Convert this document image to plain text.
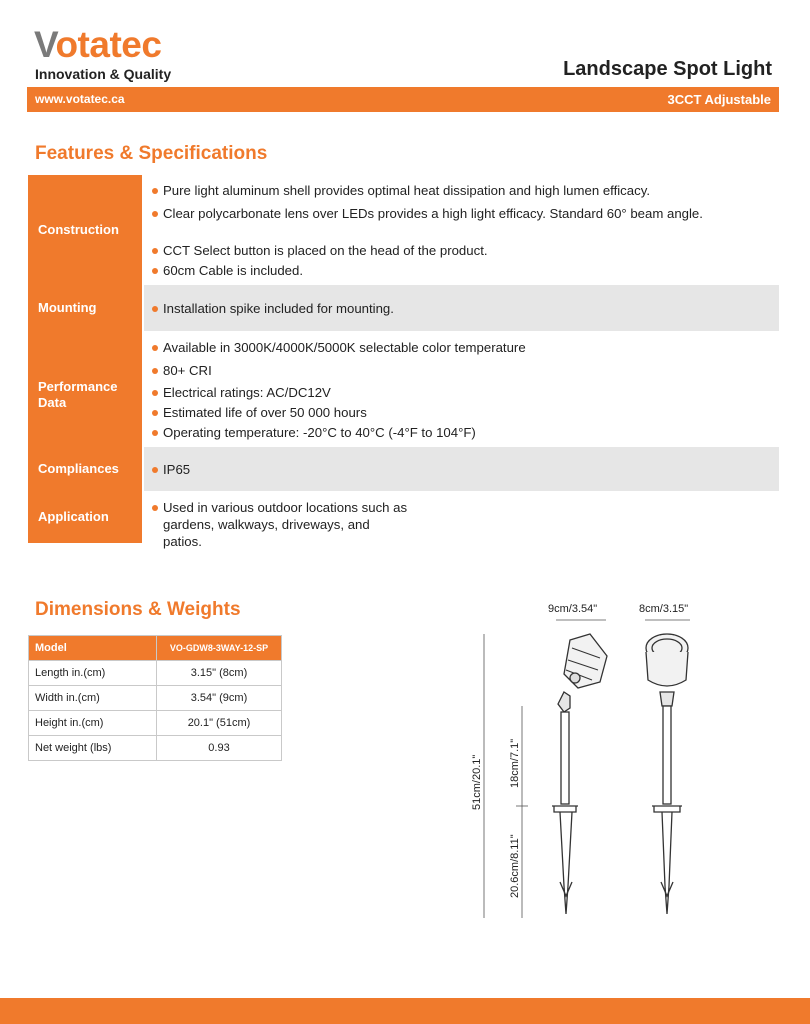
Votatec
Innovation & Quality	Landscape Spot Light
www.votatec.ca	3CCT Adjustable
Features & Specifications
Construction
Pure light aluminum shell provides optimal heat dissipation and high lumen efficacy.
Clear polycarbonate lens over LEDs provides a high light efficacy. Standard 60° beam angle.
CCT Select button is placed on the head of the product.
60cm Cable is included.
Mounting	Installation spike included for mounting.
Performance Data
Available in 3000K/4000K/5000K selectable color temperature
80+ CRI
Electrical ratings: AC/DC12V
Estimated life of over 50 000 hours
Operating temperature: -20°C to 40°C (-4°F to 104°F)
Compliances	IP65
Application
Used in various outdoor locations such as gardens, walkways, driveways, and patios.
Dimensions & Weights
Model	VO-GDW8-3WAY-12-SP
Length in.(cm)	3.15" (8cm)
Width in.(cm)	3.54" (9cm)
Height in.(cm)	20.1" (51cm)
Net weight (lbs)	0.93
9cm/3.54"	8cm/3.15"
51cm/20.1" 18cm/7.1"
20.6cm/8.11"
